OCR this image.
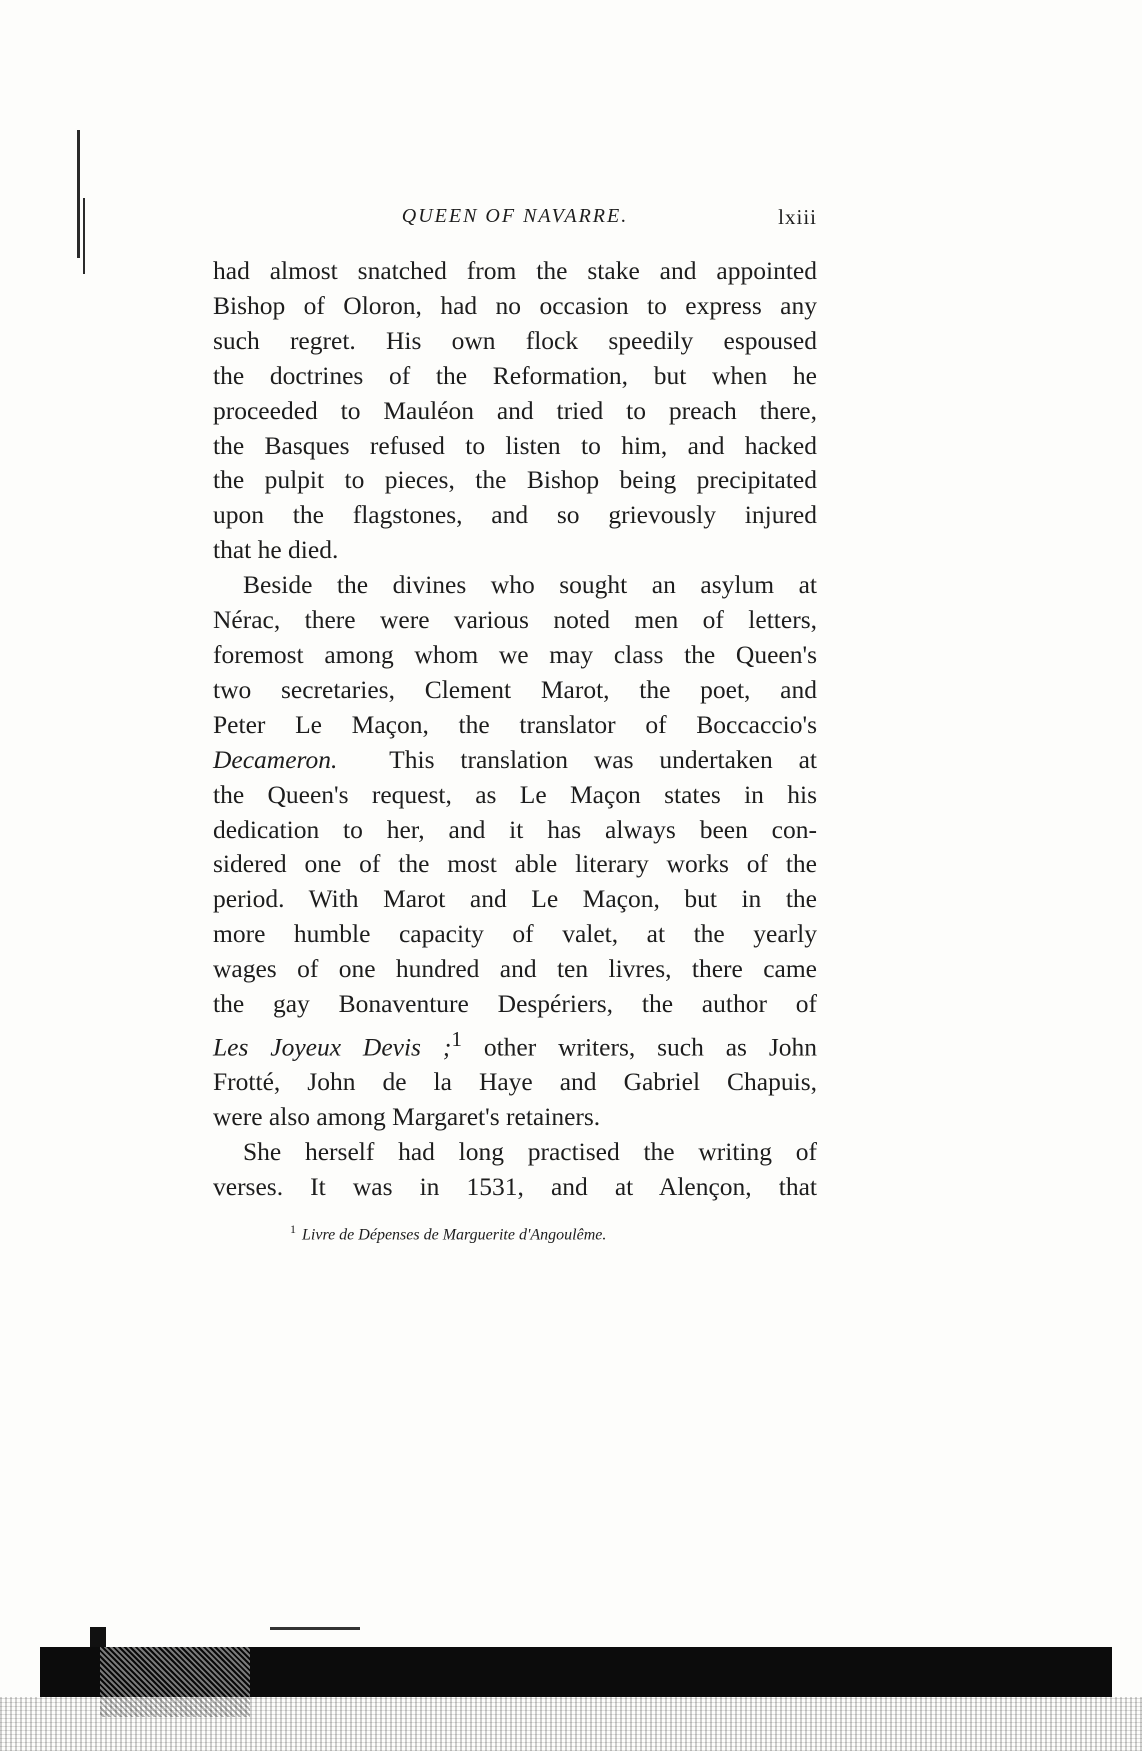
QUEEN OF NAVARRE.	lxiii

had almost snatched from the stake and appointed
Bishop of Oloron, had no occasion to express any
such regret. His own flock speedily espoused
the doctrines of the Reformation, but when he
proceeded to Mauléon and tried to preach there,
the Basques refused to listen to him, and hacked
the pulpit to pieces, the Bishop being precipitated
upon the flagstones, and so grievously injured
that he died.

Beside the divines who sought an asylum at
Nérac, there were various noted men of letters,
foremost among whom we may class the Queen's
two secretaries, Clement Marot, the poet, and
Peter Le Maçon, the translator of Boccaccio's
Decameron. This translation was undertaken at
the Queen's request, as Le Maçon states in his
dedication to her, and it has always been con-
sidered one of the most able literary works of the
period. With Marot and Le Maçon, but in the
more humble capacity of valet, at the yearly
wages of one hundred and ten livres, there came
the gay Bonaventure Despériers, the author of
Les Joyeux Devis ;$^1$ other writers, such as John
Frotté, John de la Haye and Gabriel Chapuis,
were also among Margaret's retainers.

She herself had long practised the writing of
verses. It was in 1531, and at Alençon, that

$^1$ Livre de Dépenses de Marguerite d'Angoulême.
